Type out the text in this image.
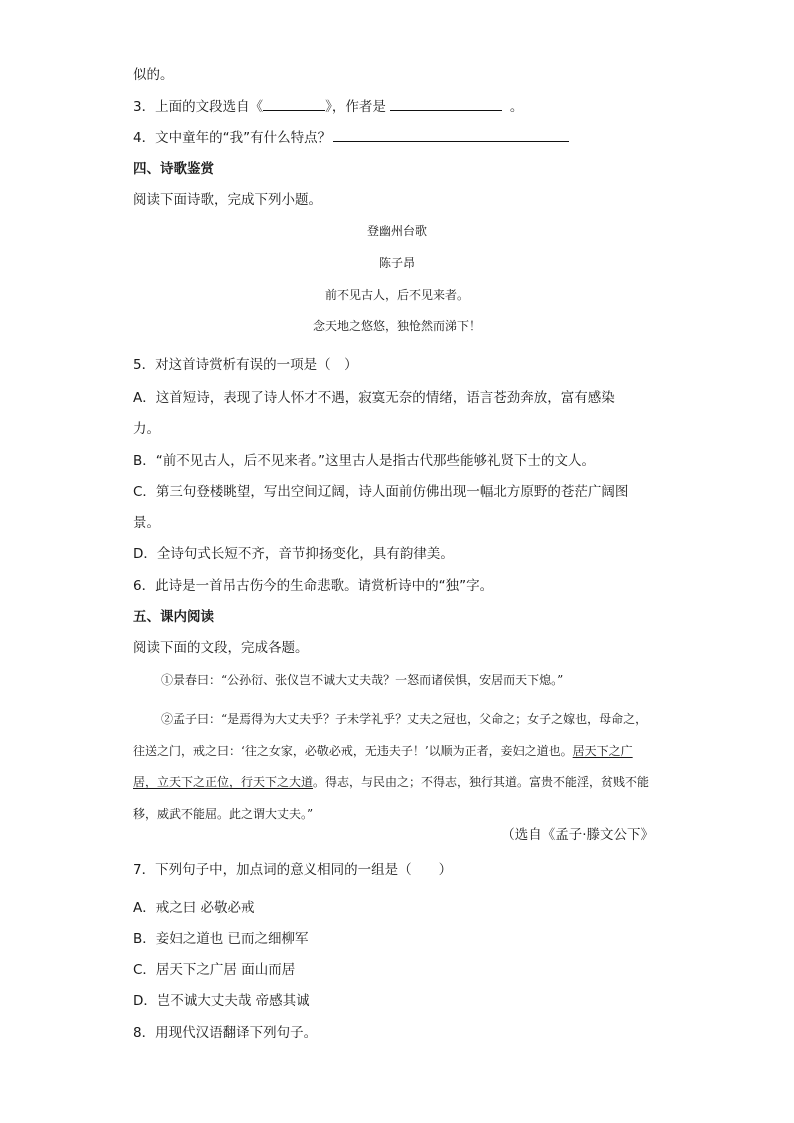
似的。
3．上面的文段选自《	》，作者是	。
4．文中童年的“我”有什么特点？
四、诗歌鉴赏
阅读下面诗歌，完成下列小题。
登幽州台歌
陈子昂
前不见古人，后不见来者。
念天地之悠悠，独怆然而涕下！
5．对这首诗赏析有误的一项是（　）
A．这首短诗，表现了诗人怀才不遇，寂寞无奈的情绪，语言苍劲奔放，富有感染
力。
B．“前不见古人，后不见来者。”这里古人是指古代那些能够礼贤下士的文人。
C．第三句登楼眺望，写出空间辽阔，诗人面前仿佛出现一幅北方原野的苍茫广阔图
景。
D．全诗句式长短不齐，音节抑扬变化，具有韵律美。
6．此诗是一首吊古伤今的生命悲歌。请赏析诗中的“独”字。
五、课内阅读
阅读下面的文段，完成各题。
①景春曰：“公孙衍、张仪岂不诚大丈夫哉？一怒而诸侯惧，安居而天下熄。”
②孟子曰：“是焉得为大丈夫乎？子未学礼乎？丈夫之冠也，父命之；女子之嫁也，母命之，往送之门，戒之曰：‘往之女家，必敬必戒，无违夫子！’以顺为正者，妾妇之道也。居天下之广居，立天下之正位，行天下之大道。得志，与民由之；不得志，独行其道。富贵不能淫，贫贱不能移，威武不能屈。此之谓大丈夫。”
（选自《孟子·滕文公下》
7．下列句子中，加点词的意义相同的一组是（　　）
A．戒之曰 必敬必戒
B．妾妇之道也 已而之细柳军
C．居天下之广居 面山而居
D．岂不诚大丈夫哉 帝感其诚
8．用现代汉语翻译下列句子。
